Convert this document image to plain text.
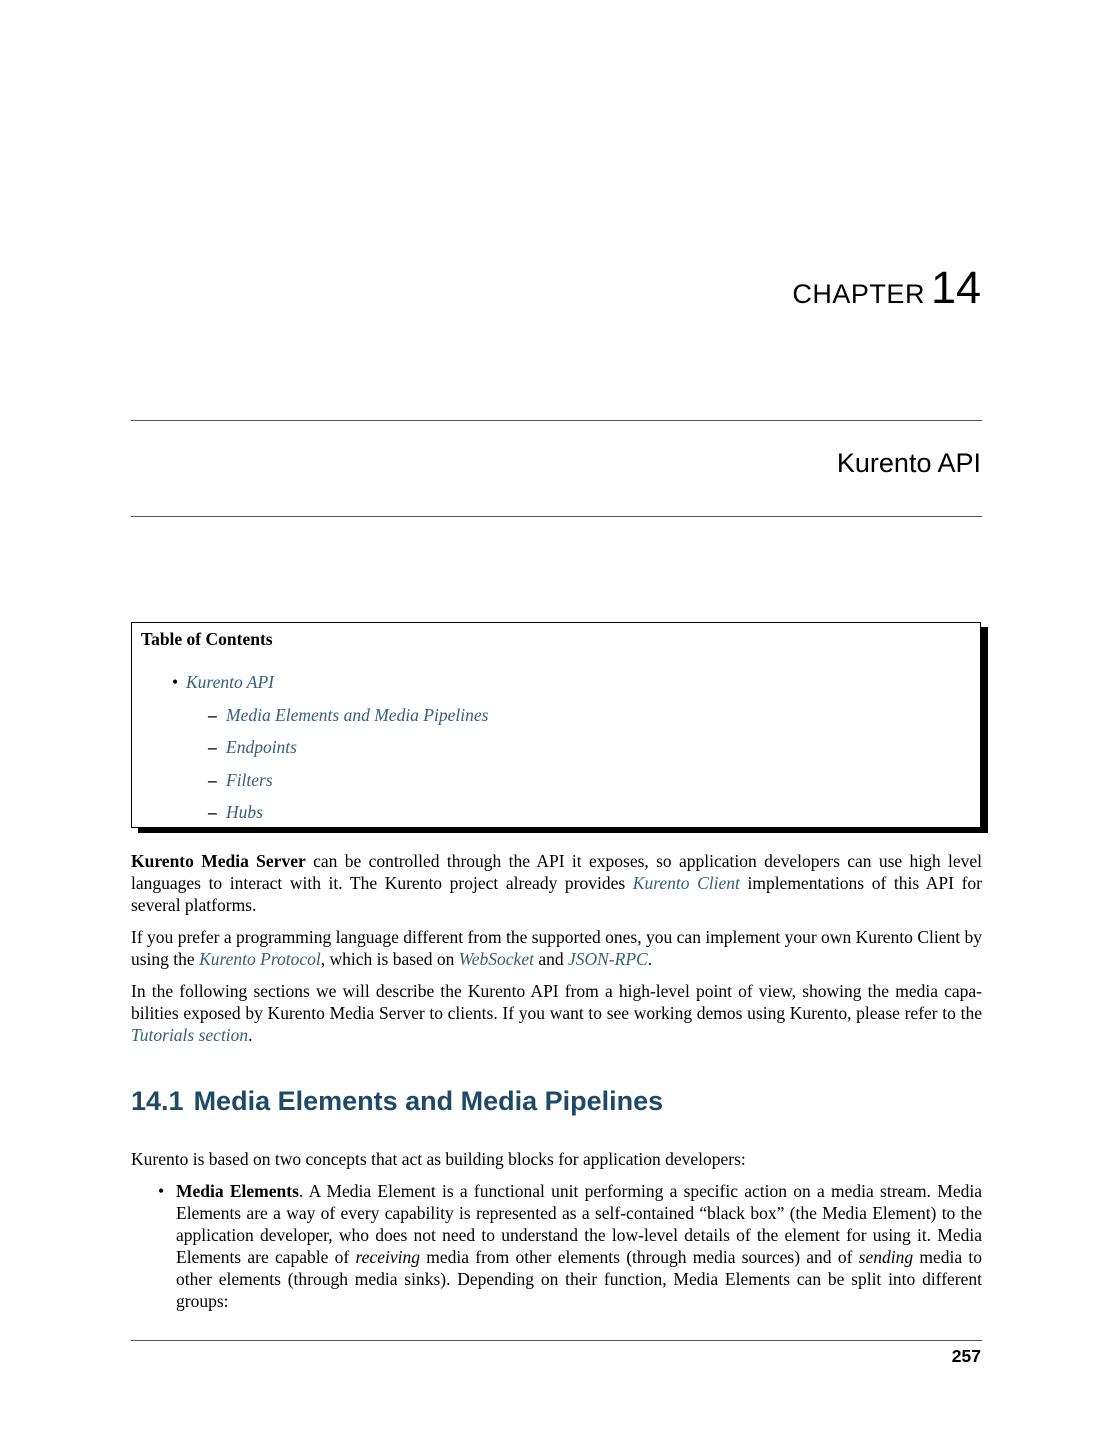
CHAPTER 14
Kurento API
Table of Contents
• Kurento API
– Media Elements and Media Pipelines
– Endpoints
– Filters
– Hubs

Kurento Media Server can be controlled through the API it exposes, so application developers can use high level languages to interact with it. The Kurento project already provides Kurento Client implementations of this API for several platforms.

If you prefer a programming language different from the supported ones, you can implement your own Kurento Client by using the Kurento Protocol, which is based on WebSocket and JSON-RPC.

In the following sections we will describe the Kurento API from a high-level point of view, showing the media capa-bilities exposed by Kurento Media Server to clients. If you want to see working demos using Kurento, please refer to the Tutorials section.

14.1 Media Elements and Media Pipelines

Kurento is based on two concepts that act as building blocks for application developers:

• Media Elements. A Media Element is a functional unit performing a specific action on a media stream. Media Elements are a way of every capability is represented as a self-contained “black box” (the Media Element) to the application developer, who does not need to understand the low-level details of the element for using it. Media Elements are capable of receiving media from other elements (through media sources) and of sending media to other elements (through media sinks). Depending on their function, Media Elements can be split into different groups:

257
